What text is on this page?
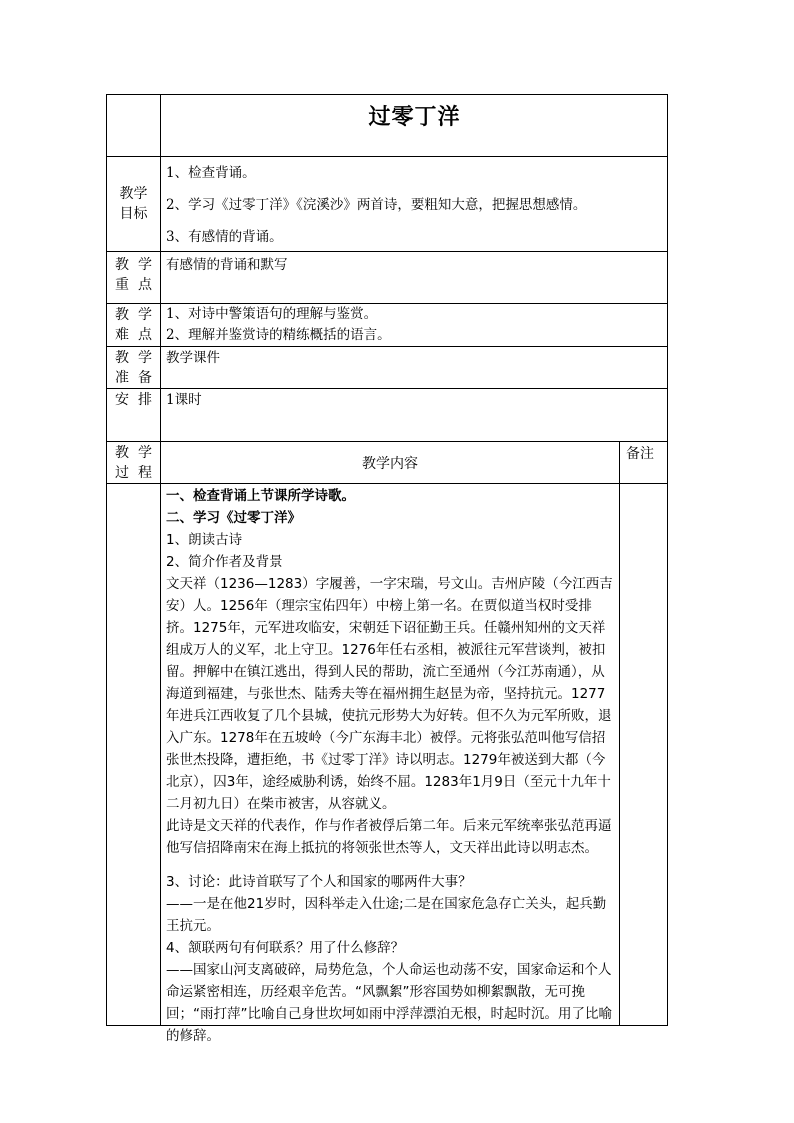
过零丁洋
教学
目标
1、检查背诵。
2、学习《过零丁洋》《浣溪沙》两首诗，要粗知大意，把握思想感情。
3、有感情的背诵。
教  学
重  点
有感情的背诵和默写
教  学
难  点
1、对诗中警策语句的理解与鉴赏。
2、理解并鉴赏诗的精练概括的语言。
教  学
准  备
教学课件
安  排	1课时
教  学
过  程
教学内容
备注

一、检查背诵上节课所学诗歌。

二、学习《过零丁洋》

1、朗读古诗

2、简介作者及背景

文天祥（1236—1283）字履善，一字宋瑞，号文山。吉州庐陵（今江西吉安）人。1256年（理宗宝佑四年）中榜上第一名。在贾似道当权时受排挤。1275年，元军进攻临安，宋朝廷下诏征勤王兵。任赣州知州的文天祥组成万人的义军，北上守卫。1276年任右丞相，被派往元军营谈判，被扣留。押解中在镇江逃出，得到人民的帮助，流亡至通州（今江苏南通），从海道到福建，与张世杰、陆秀夫等在福州拥生赵昰为帝，坚持抗元。1277年进兵江西收复了几个县城，使抗元形势大为好转。但不久为元军所败，退入广东。1278年在五坡岭（今广东海丰北）被俘。元将张弘范叫他写信招张世杰投降，遭拒绝，书《过零丁洋》诗以明志。1279年被送到大都（今北京），囚3年，途经威胁利诱，始终不屈。1283年1月9日（至元十九年十二月初九日）在柴市被害，从容就义。

此诗是文天祥的代表作，作与作者被俘后第二年。后来元军统率张弘范再逼他写信招降南宋在海上抵抗的将领张世杰等人，文天祥出此诗以明志杰。

3、讨论：此诗首联写了个人和国家的哪两件大事？

——一是在他21岁时，因科举走入仕途;二是在国家危急存亡关头，起兵勤王抗元。

4、颔联两句有何联系？用了什么修辞？

——国家山河支离破碎，局势危急，个人命运也动荡不安，国家命运和个人命运紧密相连，历经艰辛危苦。“风飘絮”形容国势如柳絮飘散，无可挽回；“雨打萍”比喻自己身世坎坷如雨中浮萍漂泊无根，时起时沉。用了比喻的修辞。
